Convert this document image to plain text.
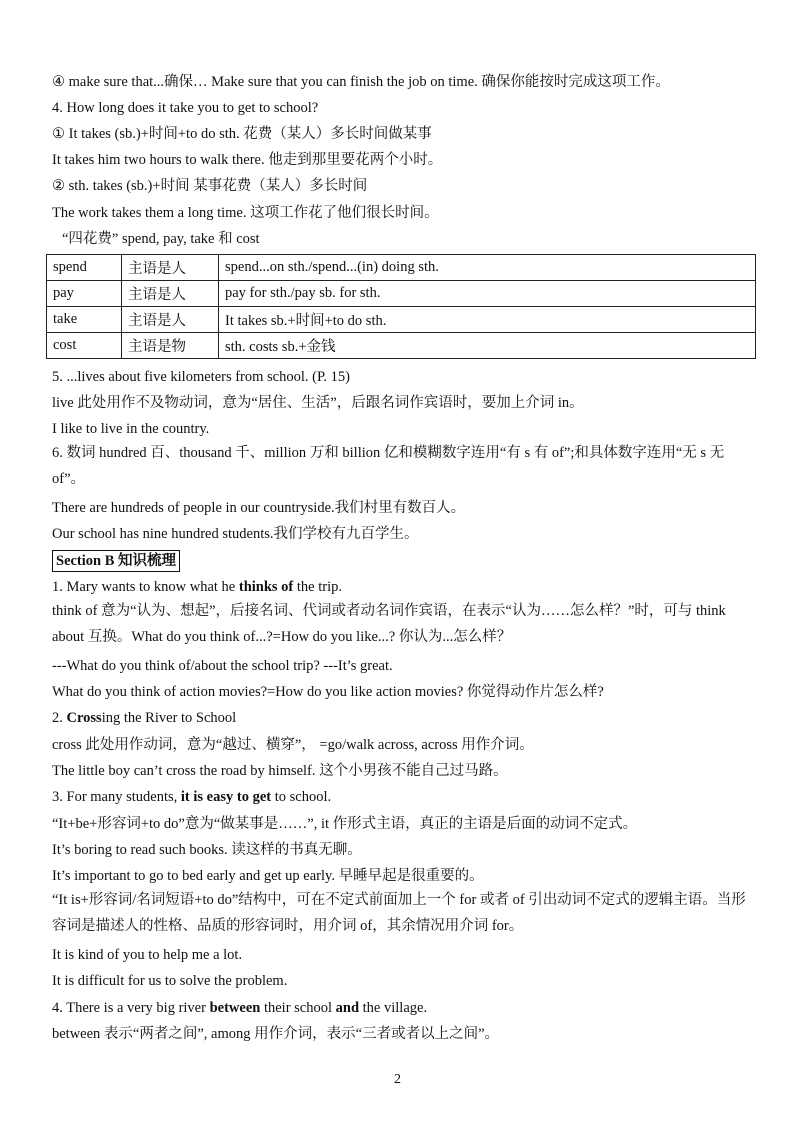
④ make sure that...确保… Make sure that you can finish the job on time. 确保你能按时完成这项工作。
4. How long does it take you to get to school?
① It takes (sb.)+时间+to do sth. 花费（某人）多长时间做某事
It takes him two hours to walk there. 他走到那里要花两个小时。
② sth. takes (sb.)+时间 某事花费（某人）多长时间
The work takes them a long time. 这项工作花了他们很长时间。
“四花费” spend, pay, take 和 cost
spend	主语是人	spend...on sth./spend...(in) doing sth.
pay	主语是人	pay for sth./pay sb. for sth.
take	主语是人	It takes sb.+时间+to do sth.
cost	主语是物	sth. costs sb.+金钱
5. ...lives about five kilometers from school. (P. 15)
live 此处用作不及物动词，意为“居住、生活”，后跟名词作宾语时，要加上介词 in。
I like to live in the country.
6. 数词 hundred 百、thousand 千、million 万和 billion 亿和模糊数字连用“有 s 有 of”;和具体数字连用“无 s 无 of”。
There are hundreds of people in our countryside.我们村里有数百人。
Our school has nine hundred students.我们学校有九百学生。
Section B 知识梳理
1. Mary wants to know what he thinks of the trip.
think of 意为“认为、想起”，后接名词、代词或者动名词作宾语，在表示“认为……怎么样？”时，可与 think about 互换。What do you think of...?=How do you like...? 你认为...怎么样？
---What do you think of/about the school trip? ---It’s great.
What do you think of action movies?=How do you like action movies? 你觉得动作片怎么样?
2. Crossing the River to School
cross 此处用作动词，意为“越过、横穿”， =go/walk across, across 用作介词。
The little boy can’t cross the road by himself. 这个小男孩不能自己过马路。
3. For many students, it is easy to get to school.
“It+be+形容词+to do”意为“做某事是……”, it 作形式主语，真正的主语是后面的动词不定式。
It’s boring to read such books. 读这样的书真无聊。
It’s important to go to bed early and get up early. 早睡早起是很重要的。
“It is+形容词/名词短语+to do”结构中，可在不定式前面加上一个 for 或者 of 引出动词不定式的逻辑主语。当形容词是描述人的性格、品质的形容词时，用介词 of，其余情况用介词 for。
It is kind of you to help me a lot.
It is difficult for us to solve the problem.
4. There is a very big river between their school and the village.
between 表示“两者之间”, among 用作介词，表示“三者或者以上之间”。
2
